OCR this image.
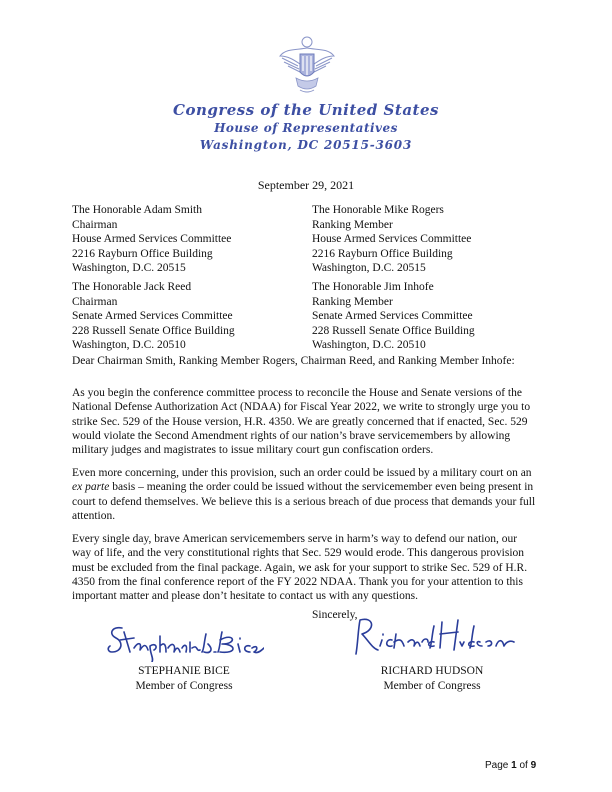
Congress of the United States
House of Representatives
Washington, DC 20515-3603
September 29, 2021
The Honorable Adam Smith
Chairman
House Armed Services Committee
2216 Rayburn Office Building
Washington, D.C. 20515
The Honorable Mike Rogers
Ranking Member
House Armed Services Committee
2216 Rayburn Office Building
Washington, D.C. 20515
The Honorable Jack Reed
Chairman
Senate Armed Services Committee
228 Russell Senate Office Building
Washington, D.C. 20510
The Honorable Jim Inhofe
Ranking Member
Senate Armed Services Committee
228 Russell Senate Office Building
Washington, D.C. 20510
Dear Chairman Smith, Ranking Member Rogers, Chairman Reed, and Ranking Member Inhofe:

As you begin the conference committee process to reconcile the House and Senate versions of the
National Defense Authorization Act (NDAA) for Fiscal Year 2022, we write to strongly urge you to
strike Sec. 529 of the House version, H.R. 4350. We are greatly concerned that if enacted, Sec. 529
would violate the Second Amendment rights of our nation’s brave servicemembers by allowing
military judges and magistrates to issue military court gun confiscation orders.

Even more concerning, under this provision, such an order could be issued by a military court on an
ex parte basis – meaning the order could be issued without the servicemember even being present in
court to defend themselves. We believe this is a serious breach of due process that demands your full
attention.

Every single day, brave American servicemembers serve in harm’s way to defend our nation, our
way of life, and the very constitutional rights that Sec. 529 would erode. This dangerous provision
must be excluded from the final package. Again, we ask for your support to strike Sec. 529 of H.R.
4350 from the final conference report of the FY 2022 NDAA. Thank you for your attention to this
important matter and please don’t hesitate to contact us with any questions.

Sincerely,
STEPHANIE BICE
Member of Congress
RICHARD HUDSON
Member of Congress
Page 1 of 9
